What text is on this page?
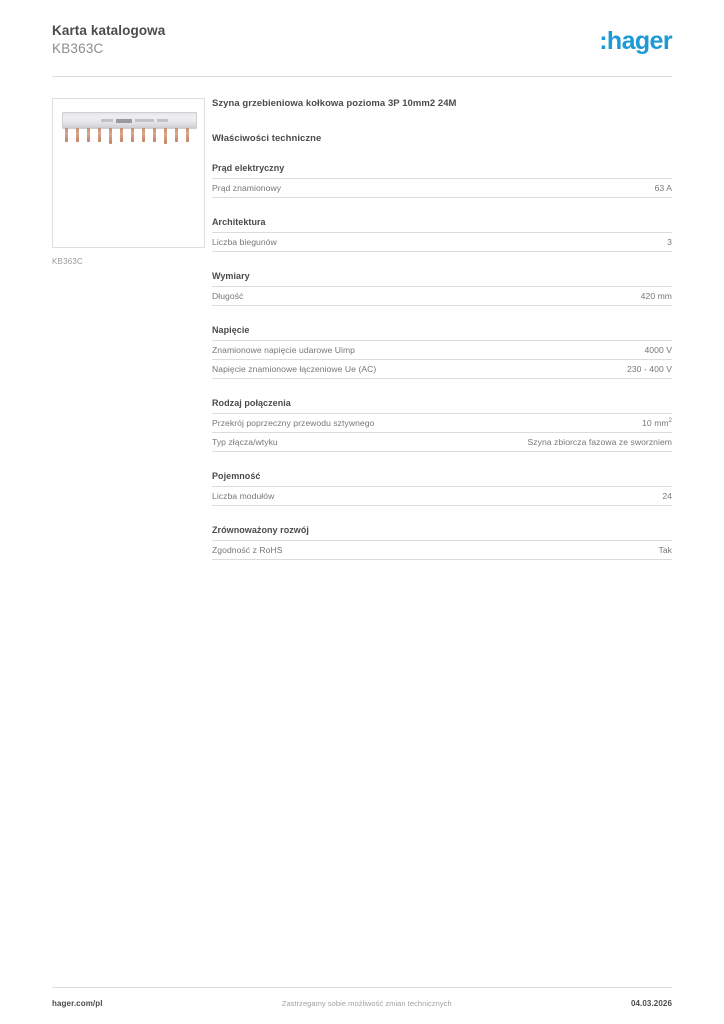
Karta katalogowa
KB363C	:hager
KB363C
Szyna grzebieniowa kołkowa pozioma 3P 10mm2 24M
Właściwości techniczne
Prąd elektryczny
Prąd znamionowy	63 A
Architektura
Liczba biegunów	3
Wymiary
Długość	420 mm
Napięcie
Znamionowe napięcie udarowe Uimp	4000 V
Napięcie znamionowe łączeniowe Ue (AC)	230 - 400 V
Rodzaj połączenia
Przekrój poprzeczny przewodu sztywnego	10 $mm^2$
Typ złącza/wtyku	Szyna zbiorcza fazowa ze sworzniem
Pojemność
Liczba modułów	24
Zrównoważony rozwój
Zgodność z RoHS	Tak
hager.com/pl	Zastrzegamy sobie możliwość zmian technicznych	04.03.2026
